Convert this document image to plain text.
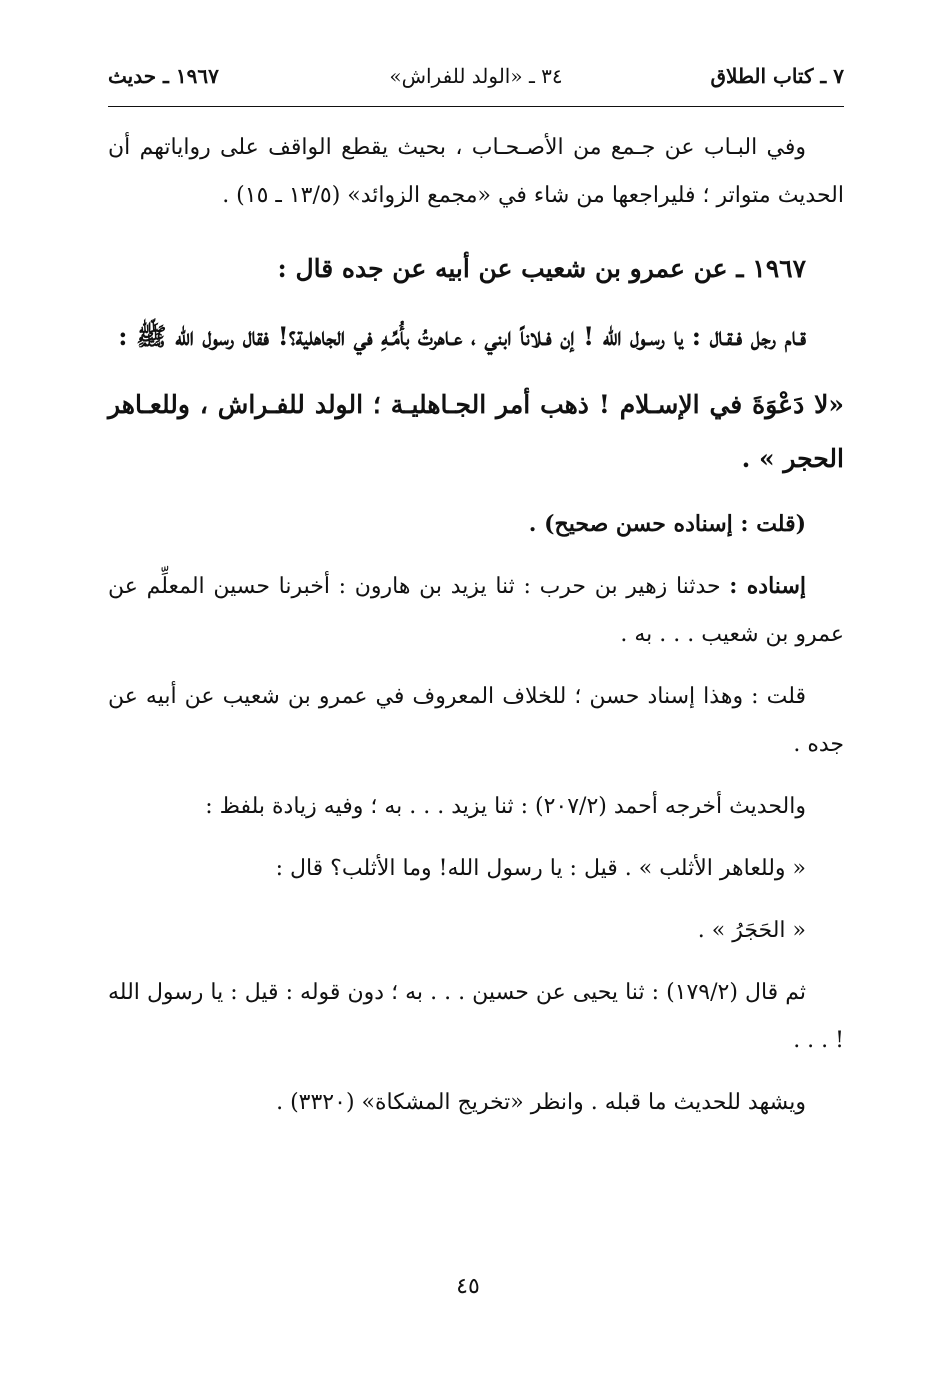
٧ ـ كتاب الطلاق
٣٤ ـ «الولد للفراش»
١٩٦٧ ـ حديث

وفي البـاب عن جـمع من الأصـحـاب ، بحيث يقطع الواقف على رواياتهم أن الحديث متواتر ؛ فليراجعها من شاء في «مجمع الزوائد» (١٣/٥ ـ ١٥) .

١٩٦٧ ـ عن عمرو بن شعيب عن أبيه عن جده قال :

قـام رجل فـقـال : يا رسـول الله ! إن فـلاناً ابني ، عـاهرتُ بأُمِّـهِ في الجاهلية؟! فقال رسول الله ﷺ :

«لا دَعْوَةَ في الإسـلام ! ذهب أمر الجـاهليـة ؛ الولد للفـراش ، وللعـاهر الحجر » .

(قلت : إسناده حسن صحيح) .

إسناده : حدثنا زهير بن حرب : ثنا يزيد بن هارون : أخبرنا حسين المعلِّم عن عمرو بن شعيب . . . به .

قلت : وهذا إسناد حسن ؛ للخلاف المعروف في عمرو بن شعيب عن أبيه عن جده .

والحديث أخرجه أحمد (٢٠٧/٢) : ثنا يزيد . . . به ؛ وفيه زيادة بلفظ :

« وللعاهر الأثلب » . قيل : يا رسول الله! وما الأثلب؟ قال :

« الحَجَرُ » .

ثم قال (١٧٩/٢) : ثنا يحيى عن حسين . . . به ؛ دون قوله : قيل : يا رسول الله ! . . .

ويشهد للحديث ما قبله . وانظر «تخريج المشكاة» (٣٣٢٠) .

٤٥
